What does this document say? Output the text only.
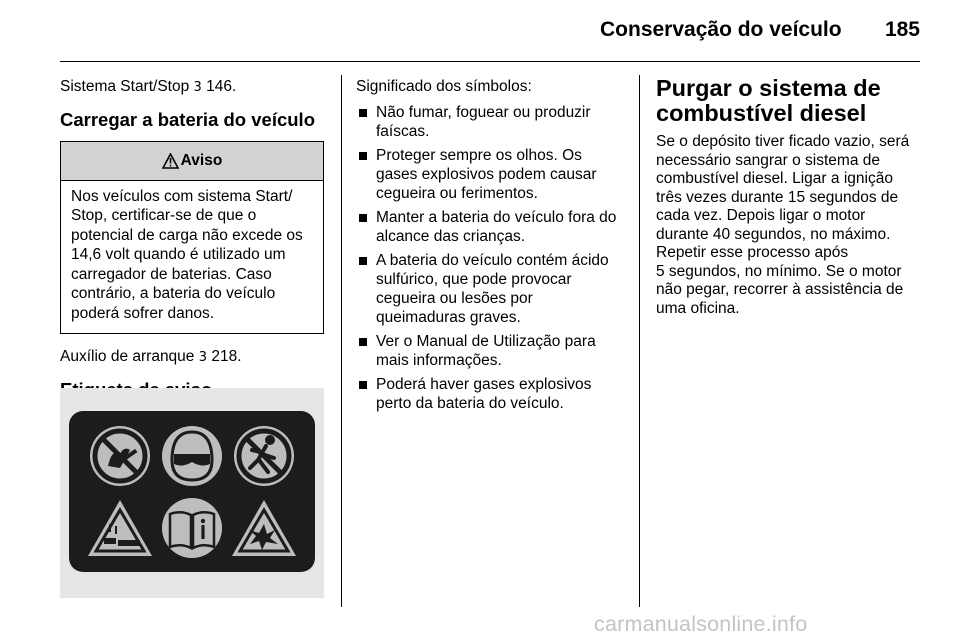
Conservação do veículo	185

Sistema Start/Stop 3 146.

Carregar a bateria do veículo

Aviso
Nos veículos com sistema Start/
Stop, certificar-se de que o
potencial de carga não excede os
14,6 volt quando é utilizado um
carregador de baterias. Caso
contrário, a bateria do veículo
poderá sofrer danos.

Auxílio de arranque 3 218.

Significado dos símbolos:

Não fumar, foguear ou produzir
faíscas.
Proteger sempre os olhos. Os
gases explosivos podem causar
cegueira ou ferimentos.
Manter a bateria do veículo fora do
alcance das crianças.
A bateria do veículo contém ácido
sulfúrico, que pode provocar
cegueira ou lesões por
queimaduras graves.
Ver o Manual de Utilização para
mais informações.
Poderá haver gases explosivos
perto da bateria do veículo.
Purgar o sistema de
combustível diesel
Se o depósito tiver ficado vazio, será
necessário sangrar o sistema de
combustível diesel. Ligar a ignição
três vezes durante 15 segundos de
cada vez. Depois ligar o motor
durante 40 segundos, no máximo.
Repetir esse processo após
5 segundos, no mínimo. Se o motor
não pegar, recorrer à assistência de
uma oficina.
carmanualsonline.info
